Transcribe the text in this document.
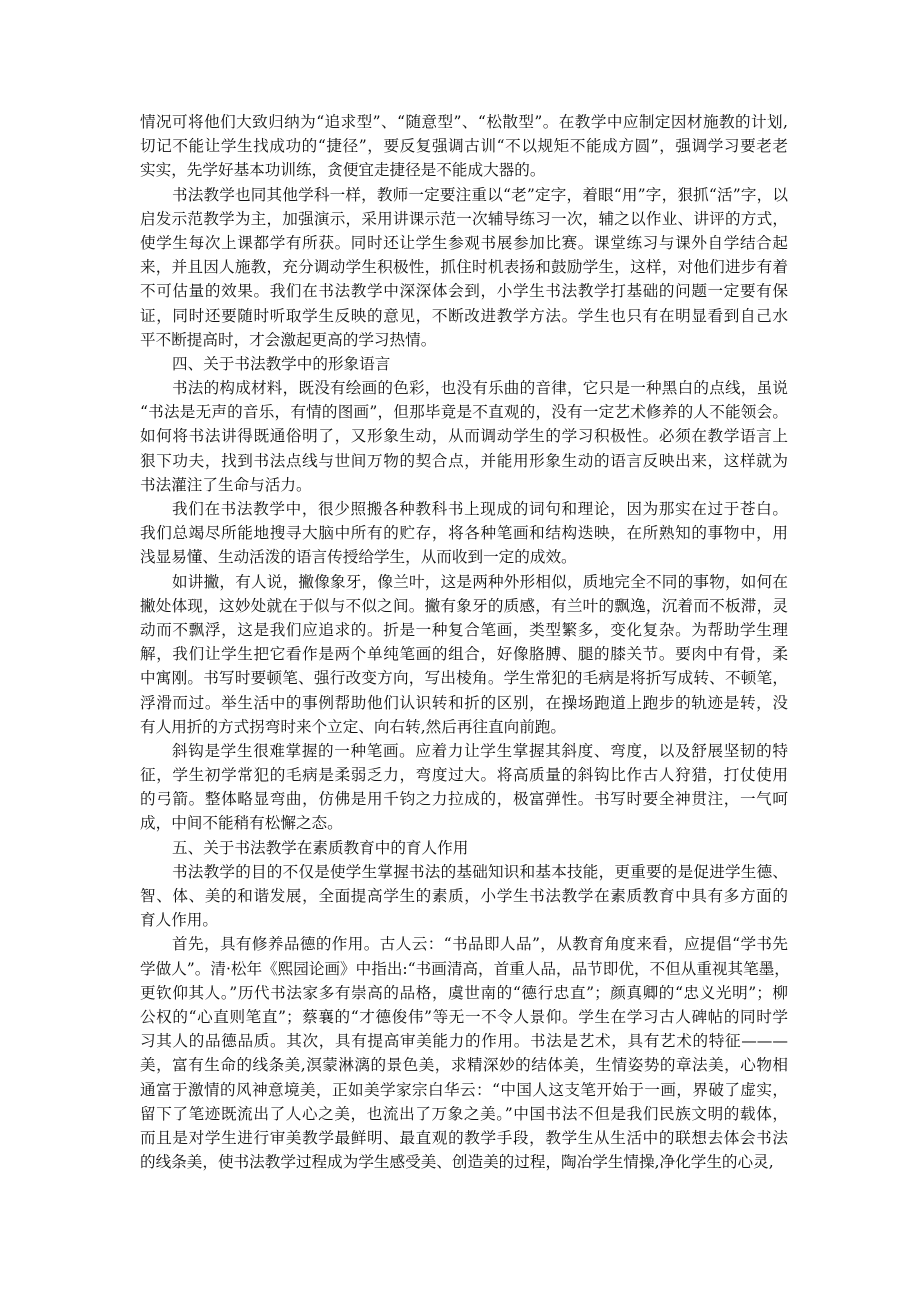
情况可将他们大致归纳为“追求型”、“随意型”、“松散型”。在教学中应制定因材施教的计划,
切记不能让学生找成功的“捷径”，要反复强调古训“不以规矩不能成方圆”，强调学习要老老
实实，先学好基本功训练，贪便宜走捷径是不能成大器的。
书法教学也同其他学科一样，教师一定要注重以“老”定字，着眼“用”字，狠抓“活”字，以
启发示范教学为主，加强演示，采用讲课示范一次辅导练习一次，辅之以作业、讲评的方式，
使学生每次上课都学有所获。同时还让学生参观书展参加比赛。课堂练习与课外自学结合起
来，并且因人施教，充分调动学生积极性，抓住时机表扬和鼓励学生，这样，对他们进步有着
不可估量的效果。我们在书法教学中深深体会到，小学生书法教学打基础的问题一定要有保
证，同时还要随时听取学生反映的意见，不断改进教学方法。学生也只有在明显看到自己水
平不断提高时，才会激起更高的学习热情。
四、关于书法教学中的形象语言
书法的构成材料，既没有绘画的色彩，也没有乐曲的音律，它只是一种黑白的点线，虽说
“书法是无声的音乐，有情的图画”，但那毕竟是不直观的，没有一定艺术修养的人不能领会。
如何将书法讲得既通俗明了，又形象生动，从而调动学生的学习积极性。必须在教学语言上
狠下功夫，找到书法点线与世间万物的契合点，并能用形象生动的语言反映出来，这样就为
书法灌注了生命与活力。
我们在书法教学中，很少照搬各种教科书上现成的词句和理论，因为那实在过于苍白。
我们总竭尽所能地搜寻大脑中所有的贮存，将各种笔画和结构迭映，在所熟知的事物中，用
浅显易懂、生动活泼的语言传授给学生，从而收到一定的成效。
如讲撇，有人说，撇像象牙，像兰叶，这是两种外形相似，质地完全不同的事物，如何在
撇处体现，这妙处就在于似与不似之间。撇有象牙的质感，有兰叶的飘逸，沉着而不板滞，灵
动而不飘浮，这是我们应追求的。折是一种复合笔画，类型繁多，变化复杂。为帮助学生理
解，我们让学生把它看作是两个单纯笔画的组合，好像胳膊、腿的膝关节。要肉中有骨，柔
中寓刚。书写时要顿笔、强行改变方向，写出棱角。学生常犯的毛病是将折写成转、不顿笔，
浮滑而过。举生活中的事例帮助他们认识转和折的区别，在操场跑道上跑步的轨迹是转，没
有人用折的方式拐弯时来个立定、向右转,然后再往直向前跑。
斜钩是学生很难掌握的一种笔画。应着力让学生掌握其斜度、弯度，以及舒展坚韧的特
征，学生初学常犯的毛病是柔弱乏力，弯度过大。将高质量的斜钩比作古人狩猎，打仗使用
的弓箭。整体略显弯曲，仿佛是用千钧之力拉成的，极富弹性。书写时要全神贯注，一气呵
成，中间不能稍有松懈之态。
五、关于书法教学在素质教育中的育人作用
书法教学的目的不仅是使学生掌握书法的基础知识和基本技能，更重要的是促进学生德、
智、体、美的和谐发展，全面提高学生的素质，小学生书法教学在素质教育中具有多方面的
育人作用。
首先，具有修养品德的作用。古人云：“书品即人品”，从教育角度来看，应提倡“学书先
学做人”。清·松年《熙园论画》中指出:“书画清高，首重人品，品节即优，不但从重视其笔墨，
更钦仰其人。”历代书法家多有崇高的品格，虞世南的“德行忠直”；颜真卿的“忠义光明”；柳
公权的“心直则笔直”；蔡襄的“才德俊伟”等无一不令人景仰。学生在学习古人碑帖的同时学
习其人的品德品质。其次，具有提高审美能力的作用。书法是艺术，具有艺术的特征———
美，富有生命的线条美,溟蒙淋漓的景色美，求精深妙的结体美，生情姿势的章法美，心物相
通富于激情的风神意境美，正如美学家宗白华云：“中国人这支笔开始于一画，界破了虚实，
留下了笔迹既流出了人心之美，也流出了万象之美。”中国书法不但是我们民族文明的载体，
而且是对学生进行审美教学最鲜明、最直观的教学手段，教学生从生活中的联想去体会书法
的线条美，使书法教学过程成为学生感受美、创造美的过程，陶冶学生情操,净化学生的心灵,
